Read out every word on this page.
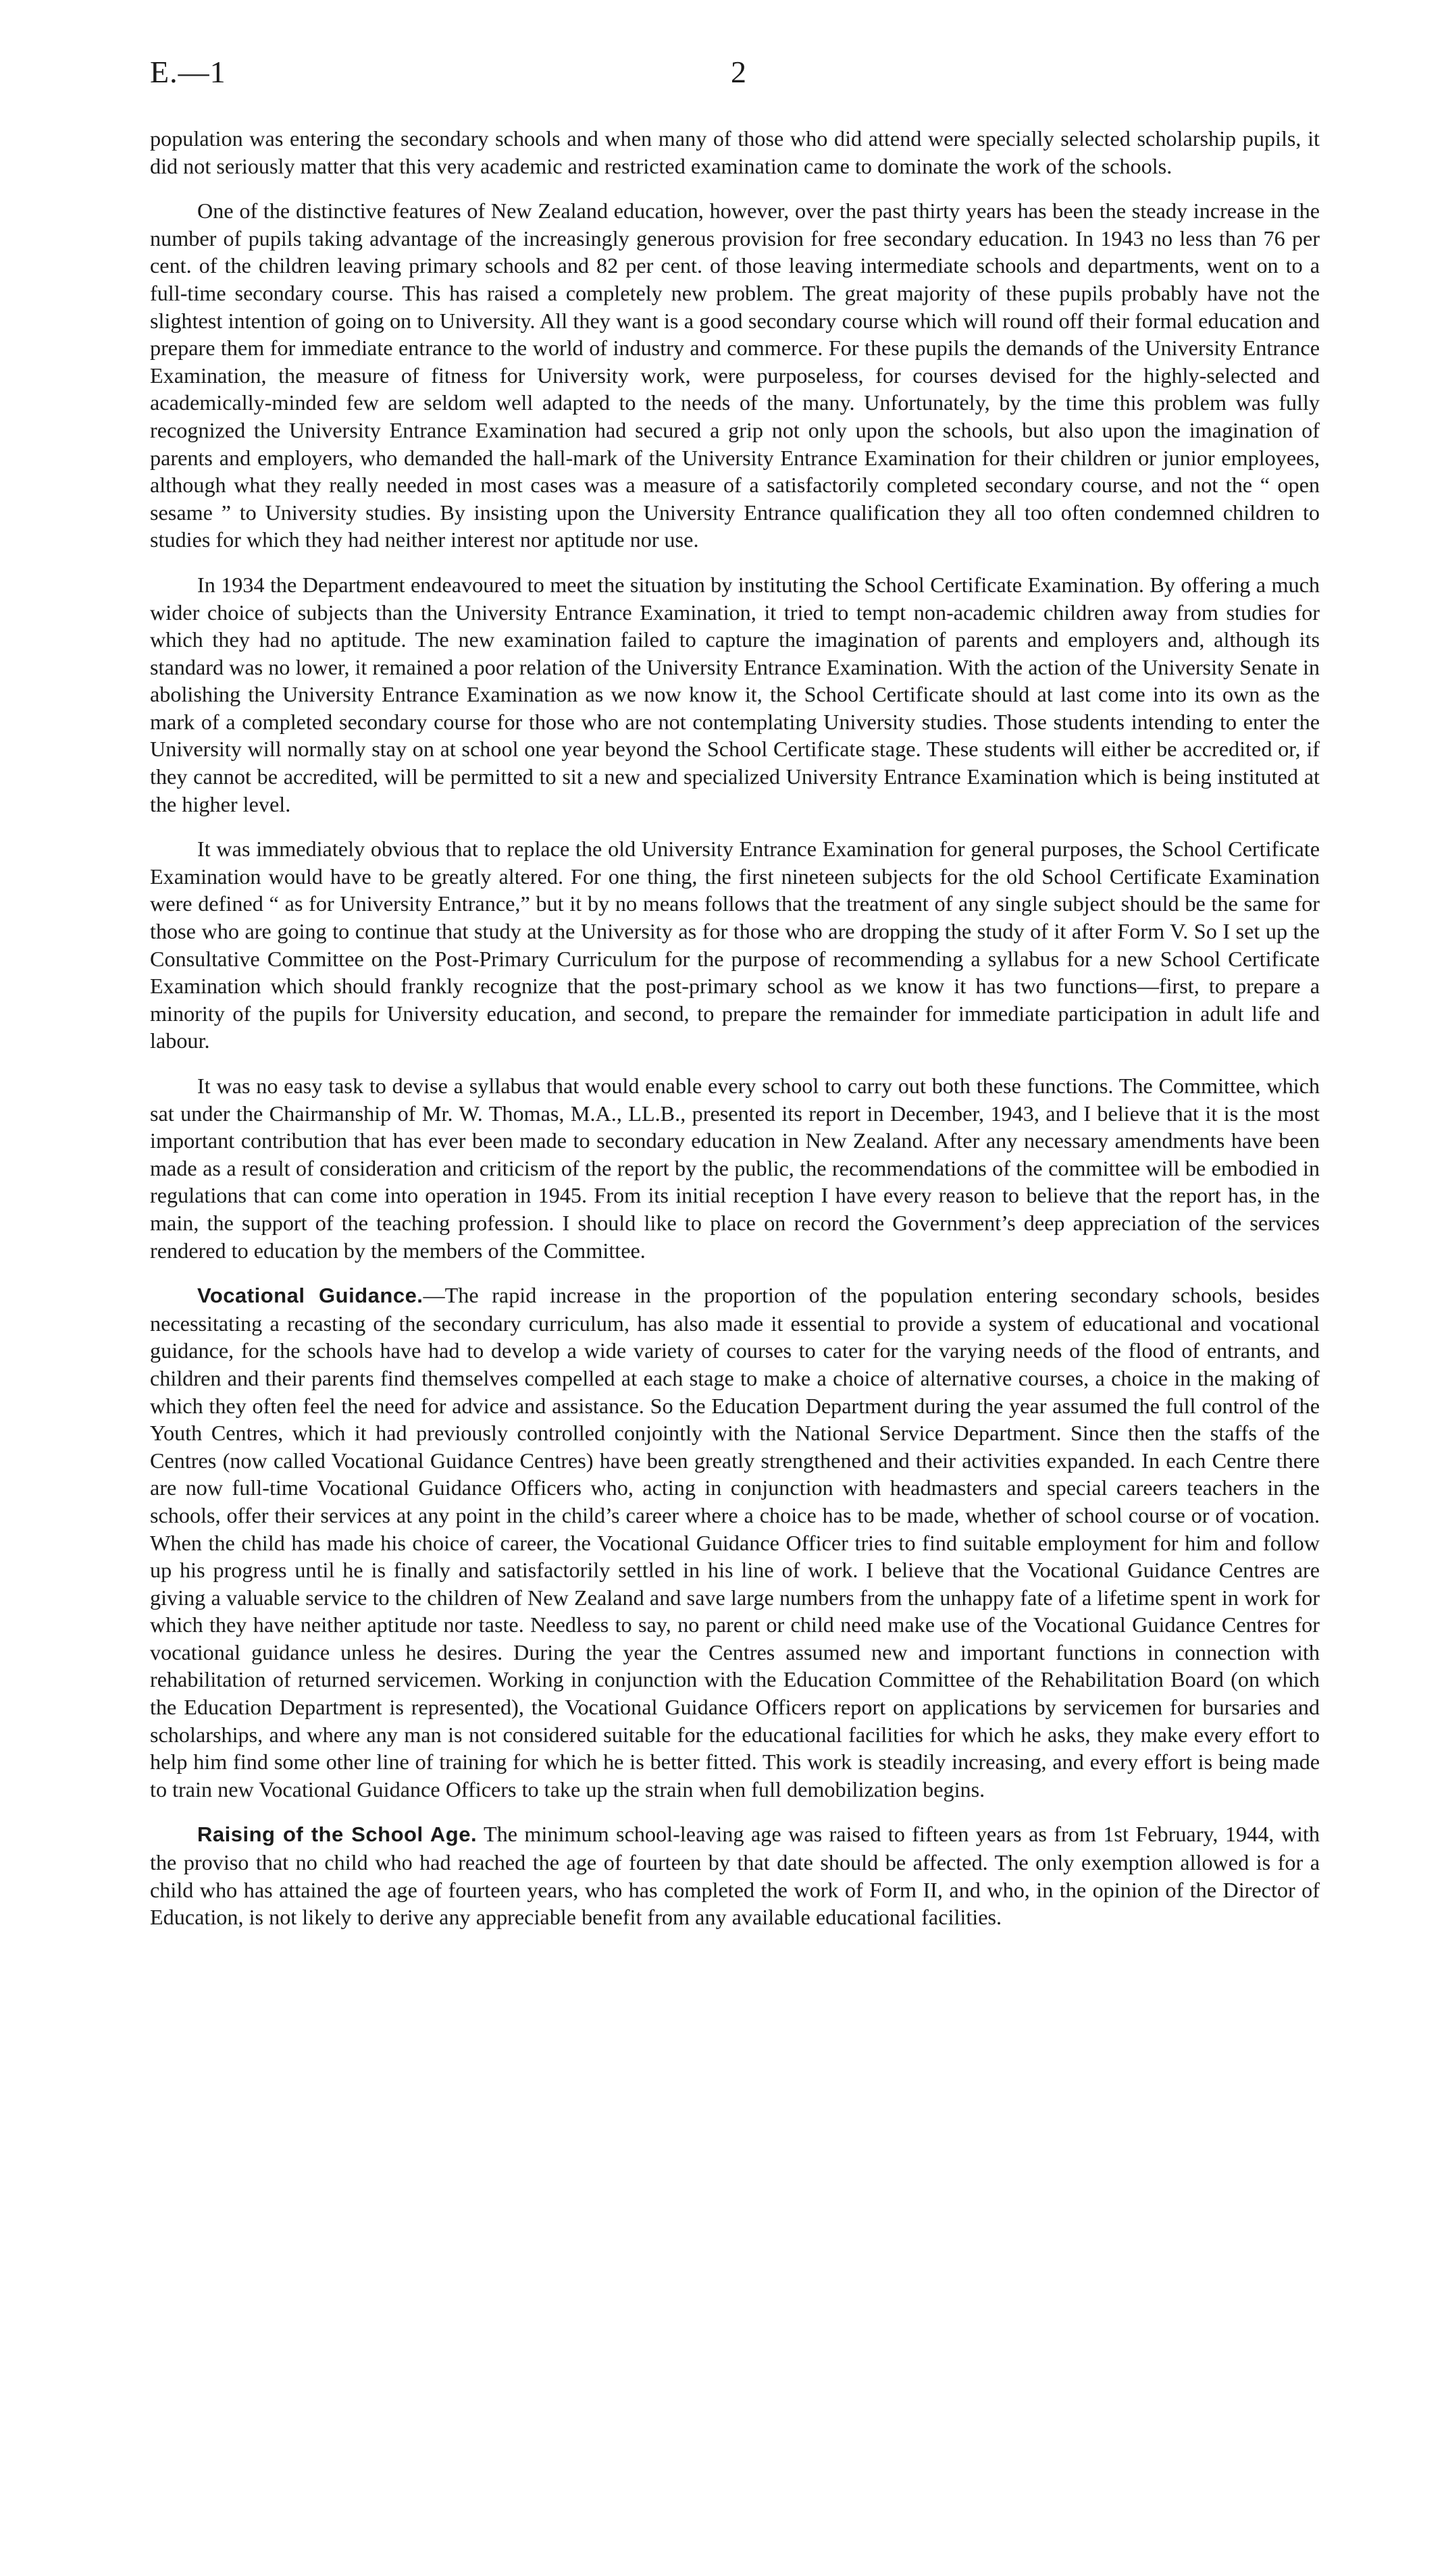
E.—1	2

population was entering the secondary schools and when many of those who did attend were specially selected scholarship pupils, it did not seriously matter that this very academic and restricted examination came to dominate the work of the schools.

One of the distinctive features of New Zealand education, however, over the past thirty years has been the steady increase in the number of pupils taking advantage of the increasingly generous provision for free secondary education. In 1943 no less than 76 per cent. of the children leaving primary schools and 82 per cent. of those leaving intermediate schools and departments, went on to a full-time secondary course. This has raised a completely new problem. The great majority of these pupils probably have not the slightest intention of going on to University. All they want is a good secondary course which will round off their formal education and prepare them for immediate entrance to the world of industry and commerce. For these pupils the demands of the University Entrance Examination, the measure of fitness for University work, were purposeless, for courses devised for the highly-selected and academically-minded few are seldom well adapted to the needs of the many. Unfortunately, by the time this problem was fully recognized the University Entrance Examination had secured a grip not only upon the schools, but also upon the imagination of parents and employers, who demanded the hall-mark of the University Entrance Examination for their children or junior employees, although what they really needed in most cases was a measure of a satisfactorily completed secondary course, and not the “ open sesame ” to University studies. By insisting upon the University Entrance qualification they all too often condemned children to studies for which they had neither interest nor aptitude nor use.

In 1934 the Department endeavoured to meet the situation by instituting the School Certificate Examination. By offering a much wider choice of subjects than the University Entrance Examination, it tried to tempt non-academic children away from studies for which they had no aptitude. The new examination failed to capture the imagination of parents and employers and, although its standard was no lower, it remained a poor relation of the University Entrance Examination. With the action of the University Senate in abolishing the University Entrance Examination as we now know it, the School Certificate should at last come into its own as the mark of a completed secondary course for those who are not contemplating University studies. Those students intending to enter the University will normally stay on at school one year beyond the School Certificate stage. These students will either be accredited or, if they cannot be accredited, will be permitted to sit a new and specialized University Entrance Examination which is being instituted at the higher level.

It was immediately obvious that to replace the old University Entrance Examination for general purposes, the School Certificate Examination would have to be greatly altered. For one thing, the first nineteen subjects for the old School Certificate Examination were defined “ as for University Entrance,” but it by no means follows that the treatment of any single subject should be the same for those who are going to continue that study at the University as for those who are dropping the study of it after Form V. So I set up the Consultative Committee on the Post-Primary Curriculum for the purpose of recommending a syllabus for a new School Certificate Examination which should frankly recognize that the post-primary school as we know it has two functions—first, to prepare a minority of the pupils for University education, and second, to prepare the remainder for immediate participation in adult life and labour.

It was no easy task to devise a syllabus that would enable every school to carry out both these functions. The Committee, which sat under the Chairmanship of Mr. W. Thomas, M.A., LL.B., presented its report in December, 1943, and I believe that it is the most important contribution that has ever been made to secondary education in New Zealand. After any necessary amendments have been made as a result of consideration and criticism of the report by the public, the recommendations of the committee will be embodied in regulations that can come into operation in 1945. From its initial reception I have every reason to believe that the report has, in the main, the support of the teaching profession. I should like to place on record the Government’s deep appreciation of the services rendered to education by the members of the Committee.

Vocational Guidance.—The rapid increase in the proportion of the population entering secondary schools, besides necessitating a recasting of the secondary curriculum, has also made it essential to provide a system of educational and vocational guidance, for the schools have had to develop a wide variety of courses to cater for the varying needs of the flood of entrants, and children and their parents find themselves compelled at each stage to make a choice of alternative courses, a choice in the making of which they often feel the need for advice and assistance. So the Education Department during the year assumed the full control of the Youth Centres, which it had previously controlled conjointly with the National Service Department. Since then the staffs of the Centres (now called Vocational Guidance Centres) have been greatly strengthened and their activities expanded. In each Centre there are now full-time Vocational Guidance Officers who, acting in conjunction with headmasters and special careers teachers in the schools, offer their services at any point in the child’s career where a choice has to be made, whether of school course or of vocation. When the child has made his choice of career, the Vocational Guidance Officer tries to find suitable employment for him and follow up his progress until he is finally and satisfactorily settled in his line of work. I believe that the Vocational Guidance Centres are giving a valuable service to the children of New Zealand and save large numbers from the unhappy fate of a lifetime spent in work for which they have neither aptitude nor taste. Needless to say, no parent or child need make use of the Vocational Guidance Centres for vocational guidance unless he desires. During the year the Centres assumed new and important functions in connection with rehabilitation of returned servicemen. Working in conjunction with the Education Committee of the Rehabilitation Board (on which the Education Department is represented), the Vocational Guidance Officers report on applications by servicemen for bursaries and scholarships, and where any man is not considered suitable for the educational facilities for which he asks, they make every effort to help him find some other line of training for which he is better fitted. This work is steadily increasing, and every effort is being made to train new Vocational Guidance Officers to take up the strain when full demobilization begins.

Raising of the School Age. The minimum school-leaving age was raised to fifteen years as from 1st February, 1944, with the proviso that no child who had reached the age of fourteen by that date should be affected. The only exemption allowed is for a child who has attained the age of fourteen years, who has completed the work of Form II, and who, in the opinion of the Director of Education, is not likely to derive any appreciable benefit from any available educational facilities.
